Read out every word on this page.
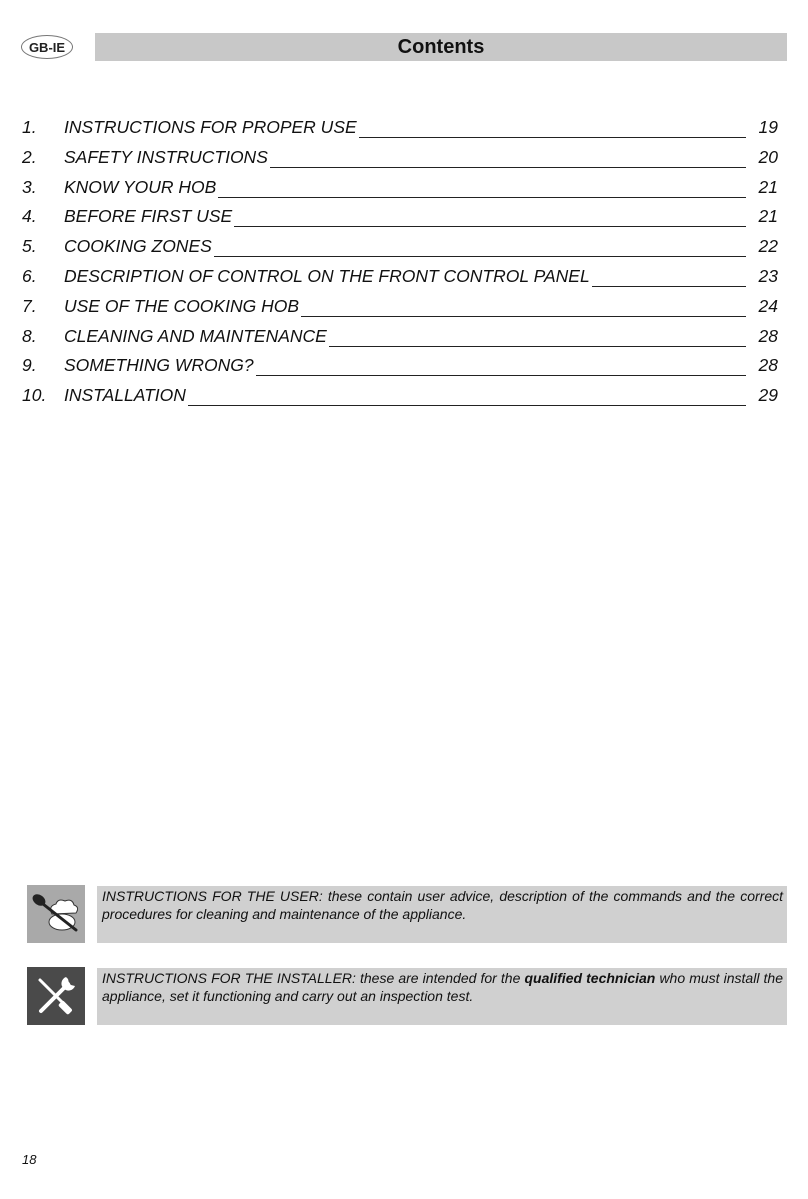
GB-IE	Contents
1. INSTRUCTIONS FOR PROPER USE	19
2. SAFETY INSTRUCTIONS	20
3. KNOW YOUR HOB	21
4. BEFORE FIRST USE	21
5. COOKING ZONES	22
6. DESCRIPTION OF CONTROL ON THE FRONT CONTROL PANEL	23
7. USE OF THE COOKING HOB	24
8. CLEANING AND MAINTENANCE	28
9. SOMETHING WRONG?	28
10. INSTALLATION	29
INSTRUCTIONS FOR THE USER: these contain user advice, description of the commands and the correct procedures for cleaning and maintenance of the appliance.
INSTRUCTIONS FOR THE INSTALLER: these are intended for the qualified technician who must install the appliance, set it functioning and carry out an inspection test.
18
